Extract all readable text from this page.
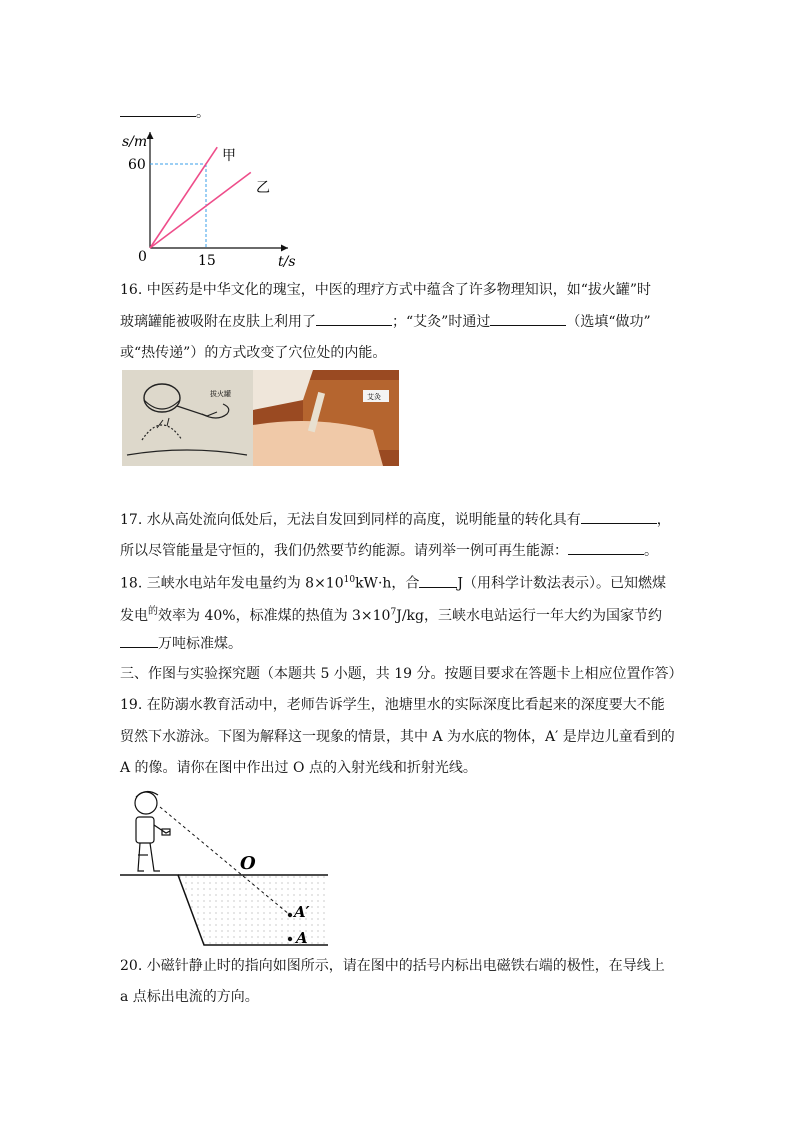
。
s/m
t/s
60
15
0
甲
乙
16. 中医药是中华文化的瑰宝，中医的理疗方式中蕴含了许多物理知识，如“拔火罐”时
玻璃罐能被吸附在皮肤上利用了	；“艾灸”时通过	（选填“做功”
或“热传递”）的方式改变了穴位处的内能。
拔火罐	艾灸
17. 水从高处流向低处后，无法自发回到同样的高度，说明能量的转化具有	，
所以尽管能量是守恒的，我们仍然要节约能源。请列举一例可再生能源：	。
18. 三峡水电站年发电量约为 $8\times 10^{10}kW\cdot h$，合	J（用科学计数法表示）。已知燃煤
发电$^的$效率为 40%，标准煤的热值为 $3\times 10^7J/kg$，三峡水电站运行一年大约为国家节约
万吨标准煤。
三、作图与实验探究题（本题共 5 小题，共 19 分。按题目要求在答题卡上相应位置作答）
19. 在防溺水教育活动中，老师告诉学生，池塘里水的实际深度比看起来的深度要大不能
贸然下水游泳。下图为解释这一现象的情景，其中 A 为水底的物体，A′ 是岸边儿童看到的
A 的像。请你在图中作出过 O 点的入射光线和折射光线。
O
A′
A
20. 小磁针静止时的指向如图所示，请在图中的括号内标出电磁铁右端的极性，在导线上
a 点标出电流的方向。
